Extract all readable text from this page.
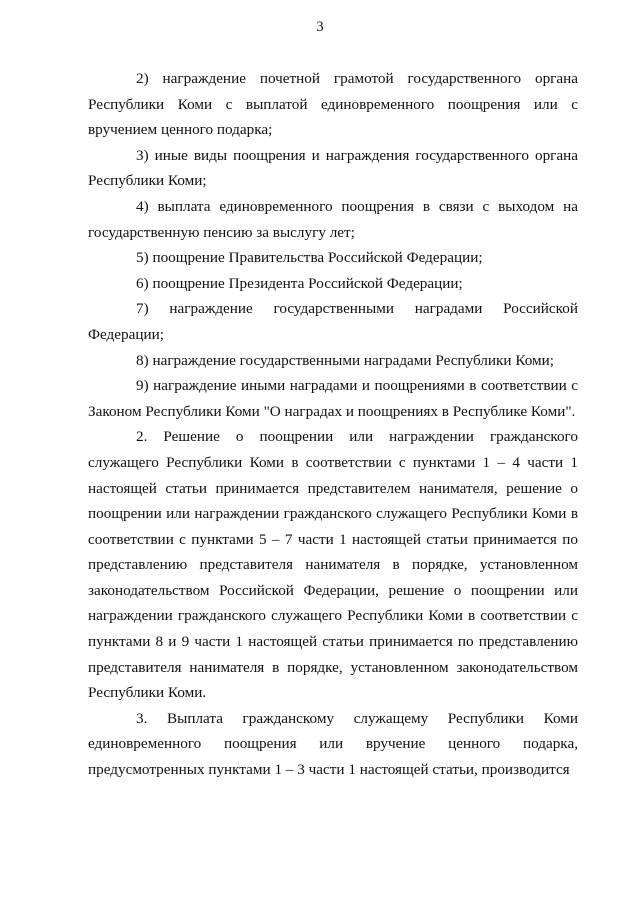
3

2) награждение почетной грамотой государственного органа Республики Коми с выплатой единовременного поощрения или с вручением ценного подарка;

3) иные виды поощрения и награждения государственного органа Республики Коми;

4) выплата единовременного поощрения в связи с выходом на государственную пенсию за выслугу лет;

5) поощрение Правительства Российской Федерации;

6) поощрение Президента Российской Федерации;

7) награждение государственными наградами Российской Федерации;

8) награждение государственными наградами Республики Коми;

9) награждение иными наградами и поощрениями в соответствии с Законом Республики Коми "О наградах и поощрениях в Республике Коми".

2. Решение о поощрении или награждении гражданского служащего Республики Коми в соответствии с пунктами 1 – 4 части 1 настоящей статьи принимается представителем нанимателя, решение о поощрении или награждении гражданского служащего Республики Коми в соответствии с пунктами 5 – 7 части 1 настоящей статьи принимается по представлению представителя нанимателя в порядке, установленном законодательством Российской Федерации, решение о поощрении или награждении гражданского служащего Республики Коми в соответствии с пунктами 8 и 9 части 1 настоящей статьи принимается по представлению представителя нанимателя в порядке, установленном законодательством Республики Коми.

3. Выплата гражданскому служащему Республики Коми единовременного поощрения или вручение ценного подарка, предусмотренных пунктами 1 – 3 части 1 настоящей статьи, производится
